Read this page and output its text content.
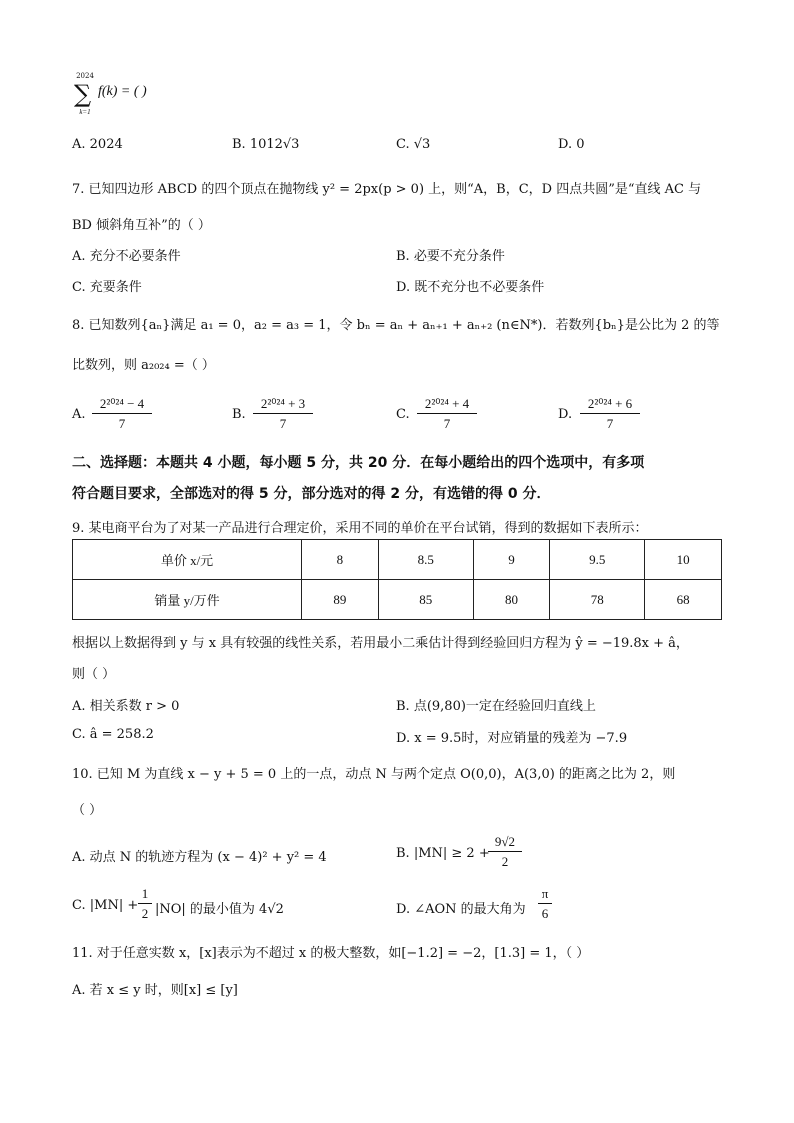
2024
∑
k=1
f(k) = ( )
A. 2024	B. 1012√3	C. √3	D. 0
7. 已知四边形 ABCD 的四个顶点在抛物线 y² = 2px(p > 0) 上，则“A，B，C，D 四点共圆”是“直线 AC 与
BD 倾斜角互补”的（ ）
A. 充分不必要条件	B. 必要不充分条件
C. 充要条件	D. 既不充分也不必要条件
8. 已知数列{aₙ}满足 a₁ = 0，a₂ = a₃ = 1，令 bₙ = aₙ + aₙ₊₁ + aₙ₊₂ (n∈N*)．若数列{bₙ}是公比为 2 的等
比数列，则 a₂₀₂₄ =（ ）
A.
2²⁰²⁴ − 4
7
B.
2²⁰²⁴ + 3
7
C.
2²⁰²⁴ + 4
7
D.
2²⁰²⁴ + 6
7
二、选择题：本题共 4 小题，每小题 5 分，共 20 分．在每小题给出的四个选项中，有多项
符合题目要求，全部选对的得 5 分，部分选对的得 2 分，有选错的得 0 分．
9. 某电商平台为了对某一产品进行合理定价，采用不同的单价在平台试销，得到的数据如下表所示：
单价 x/元	8	8.5	9	9.5	10
销量 y/万件	89	85	80	78	68
根据以上数据得到 y 与 x 具有较强的线性关系，若用最小二乘估计得到经验回归方程为 ŷ = −19.8x + â，
则（ ）
A. 相关系数 r > 0	B. 点(9,80)一定在经验回归直线上
C. â = 258.2	D. x = 9.5时，对应销量的残差为 −7.9
10. 已知 M 为直线 x − y + 5 = 0 上的一点，动点 N 与两个定点 O(0,0)，A(3,0) 的距离之比为 2，则
（ ）
A. 动点 N 的轨迹方程为 (x − 4)² + y² = 4	B. |MN| ≥ 2 +
9√2
2
C. |MN| +
1
2 |NO| 的最小值为 4√2	D. ∠AON 的最大角为
π
6
11. 对于任意实数 x，[x]表示为不超过 x 的极大整数，如[−1.2] = −2，[1.3] = 1，（ ）
A. 若 x ≤ y 时，则[x] ≤ [y]
